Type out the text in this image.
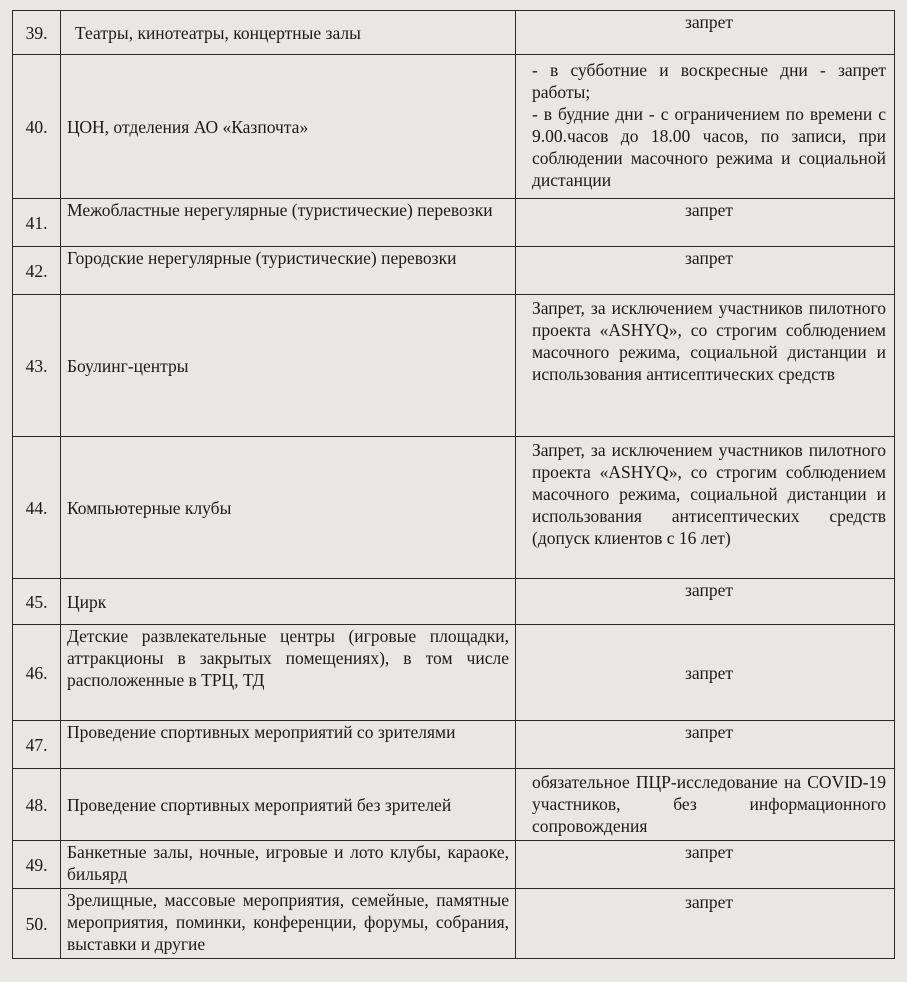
39.	Театры, кинотеатры, концертные залы	запрет
40.	ЦОН, отделения АО «Казпочта»	- в субботние и воскресные дни - запрет работы;
- в будние дни - с ограничением по времени с 9.00.часов до 18.00 часов, по записи, при соблюдении масочного режима и социальной дистанции
41.	Межобластные нерегулярные (туристические) перевозки	запрет
42.	Городские нерегулярные (туристические) перевозки	запрет
43.	Боулинг-центры	Запрет, за исключением участников пилотного проекта «ASHYQ», со строгим соблюдением масочного режима, социальной дистанции и использования антисептических средств
44.	Компьютерные клубы	Запрет, за исключением участников пилотного проекта «ASHYQ», со строгим соблюдением масочного режима, социальной дистанции и использования антисептических средств (допуск клиентов с 16 лет)
45.	Цирк	запрет
46.	Детские развлекательные центры (игровые площадки, аттракционы в закрытых помещениях), в том числе расположенные в ТРЦ, ТД	запрет
47.	Проведение спортивных мероприятий со зрителями	запрет
48.	Проведение спортивных мероприятий без зрителей	обязательное ПЦР-исследование на COVID-19 участников, без информационного сопровождения
49.	Банкетные залы, ночные, игровые и лото клубы, караоке, бильярд	запрет
50.	Зрелищные, массовые мероприятия, семейные, памятные мероприятия, поминки, конференции, форумы, собрания, выставки и другие	запрет
